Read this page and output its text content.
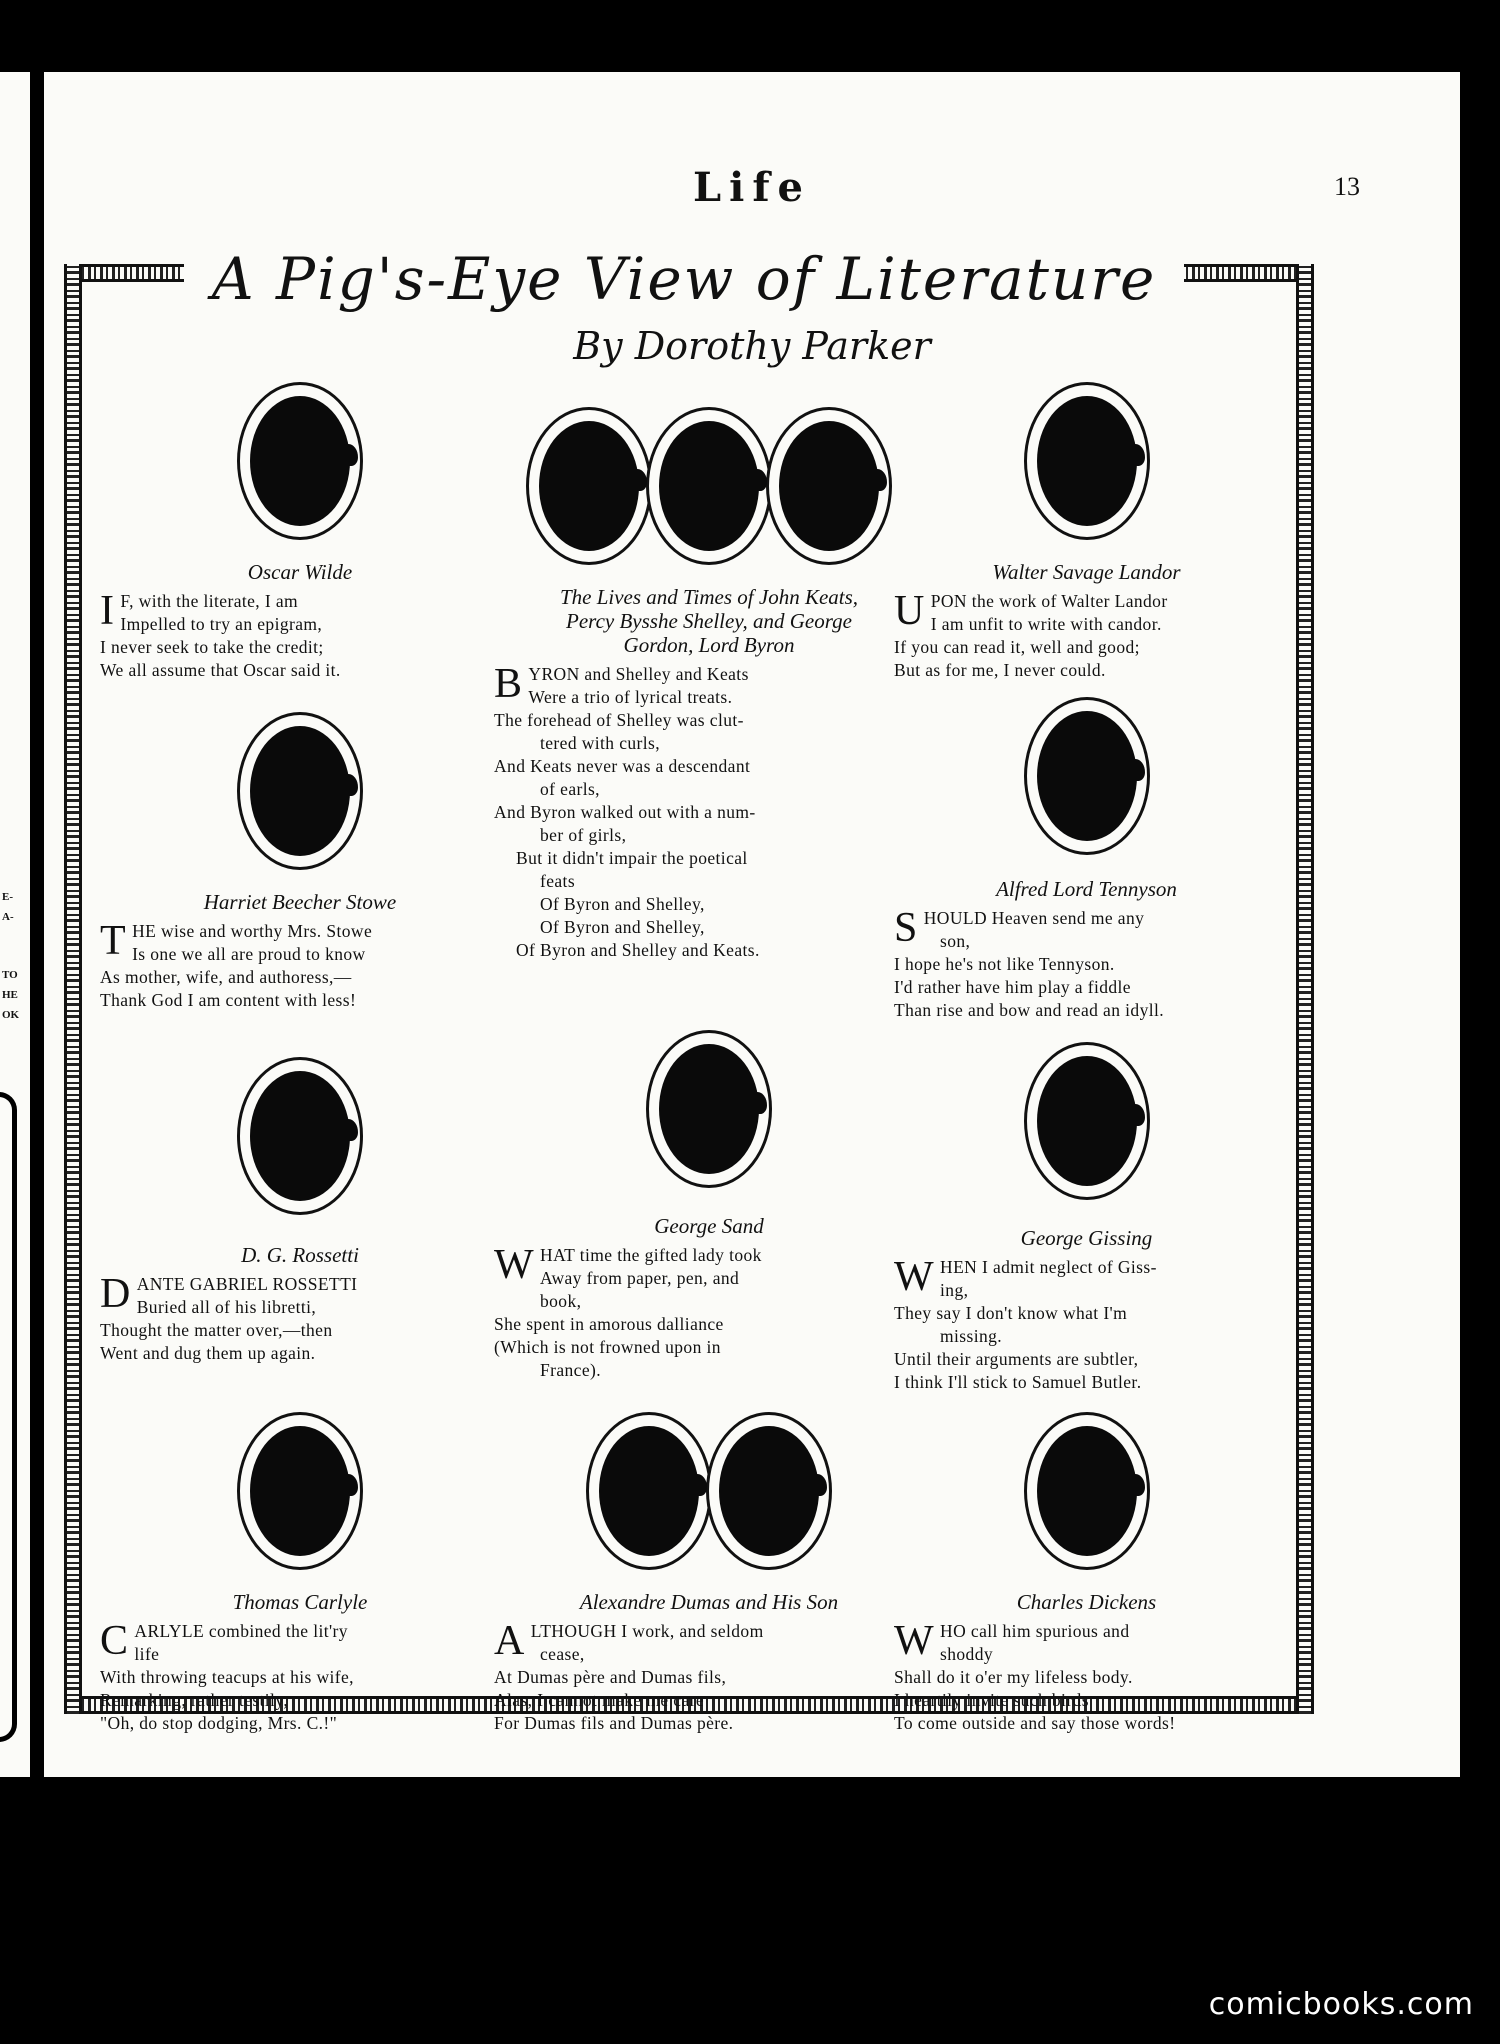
E-
A-
TO
HE
OK
Life	13
A Pig's-Eye View of Literature
By Dorothy Parker
Oscar Wilde
I F, with the literate, I am
Impelled to try an epigram,
I never seek to take the credit;
We all assume that Oscar said it.
Harriet Beecher Stowe
T HE wise and worthy Mrs. Stowe
Is one we all are proud to know
As mother, wife, and authoress,—
Thank God I am content with less!
D. G. Rossetti
D ANTE GABRIEL ROSSETTI
Buried all of his libretti,
Thought the matter over,—then
Went and dug them up again.
Thomas Carlyle
C ARLYLE combined the lit'ry
life
With throwing teacups at his wife,
Remarking, rather testily,
"Oh, do stop dodging, Mrs. C.!"
The Lives and Times of John Keats, Percy Bysshe Shelley, and George Gordon, Lord Byron
B YRON and Shelley and Keats
Were a trio of lyrical treats.
The forehead of Shelley was clut-
tered with curls,
And Keats never was a descendant
of earls,
And Byron walked out with a num-
ber of girls,
But it didn't impair the poetical
feats
Of Byron and Shelley,
Of Byron and Shelley,
Of Byron and Shelley and Keats.
George Sand
W HAT time the gifted lady took
Away from paper, pen, and
book,
She spent in amorous dalliance
(Which is not frowned upon in
France).
Alexandre Dumas and His Son
A LTHOUGH I work, and seldom
cease,
At Dumas père and Dumas fils,
Alas, I cannot make me care
For Dumas fils and Dumas père.
Walter Savage Landor
U PON the work of Walter Landor
I am unfit to write with candor.
If you can read it, well and good;
But as for me, I never could.
Alfred Lord Tennyson
S HOULD Heaven send me any
son,
I hope he's not like Tennyson.
I'd rather have him play a fiddle
Than rise and bow and read an idyll.
George Gissing
W HEN I admit neglect of Giss-
ing,
They say I don't know what I'm
missing.
Until their arguments are subtler,
I think I'll stick to Samuel Butler.
Charles Dickens
W HO call him spurious and
shoddy
Shall do it o'er my lifeless body.
I heartily invite such birds
To come outside and say those words!
comicbooks.com
